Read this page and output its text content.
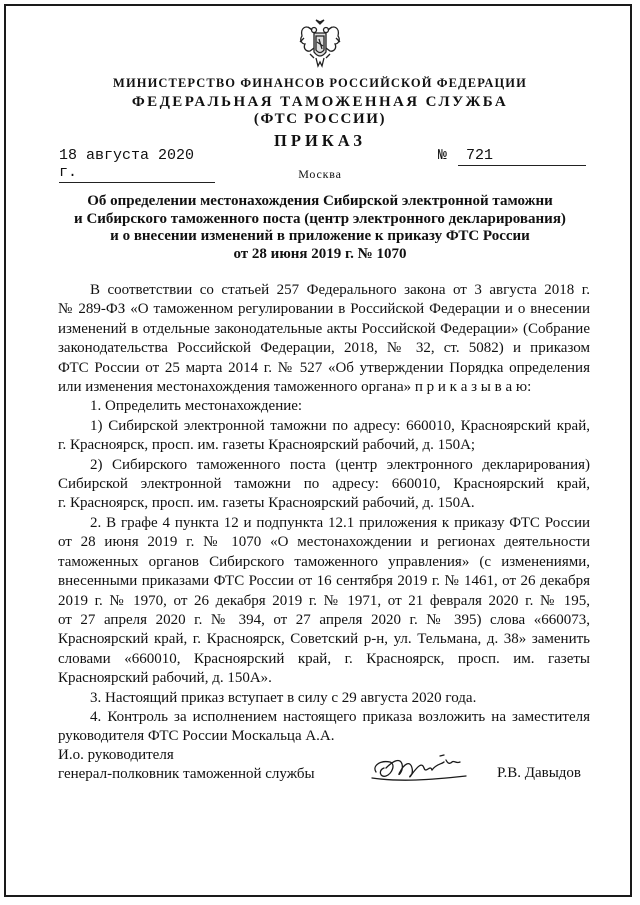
МИНИСТЕРСТВО ФИНАНСОВ РОССИЙСКОЙ ФЕДЕРАЦИИ
ФЕДЕРАЛЬНАЯ ТАМОЖЕННАЯ СЛУЖБА
(ФТС РОССИИ)
ПРИКАЗ
18 августа 2020 г.
№	721
Москва
Об определении местонахождения Сибирской электронной таможни
и Сибирского таможенного поста (центр электронного декларирования)
и о внесении изменений в приложение к приказу ФТС России
от 28 июня 2019 г. № 1070

В соответствии со статьей 257 Федерального закона от 3 августа 2018 г.

№ 289-ФЗ «О таможенном регулировании в Российской Федерации и о внесении

изменений в отдельные законодательные акты Российской Федерации» (Собрание

законодательства Российской Федерации, 2018, № 32, ст. 5082) и приказом

ФТС России от 25 марта 2014 г. № 527 «Об утверждении Порядка определения

или изменения местонахождения таможенного органа» п р и к а з ы в а ю:

1. Определить местонахождение:

1) Сибирской электронной таможни по адресу: 660010, Красноярский край,

г. Красноярск, просп. им. газеты Красноярский рабочий, д. 150А;

2) Сибирского таможенного поста (центр электронного декларирования)

Сибирской электронной таможни по адресу: 660010, Красноярский край,

г. Красноярск, просп. им. газеты Красноярский рабочий, д. 150А.

2. В графе 4 пункта 12 и подпункта 12.1 приложения к приказу ФТС России

от 28 июня 2019 г. № 1070 «О местонахождении и регионах деятельности

таможенных органов Сибирского таможенного управления» (с изменениями,

внесенными приказами ФТС России от 16 сентября 2019 г. № 1461, от 26 декабря

2019 г. № 1970, от 26 декабря 2019 г. № 1971, от 21 февраля 2020 г. № 195,

от 27 апреля 2020 г. № 394, от 27 апреля 2020 г. № 395) слова «660073,

Красноярский край, г. Красноярск, Советский р-н, ул. Тельмана, д. 38» заменить

словами «660010, Красноярский край, г. Красноярск, просп. им. газеты

Красноярский рабочий, д. 150А».

3. Настоящий приказ вступает в силу с 29 августа 2020 года.

4. Контроль за исполнением настоящего приказа возложить на заместителя

руководителя ФТС России Москальца А.А.

И.о. руководителя
генерал-полковник таможенной службы	Р.В. Давыдов
